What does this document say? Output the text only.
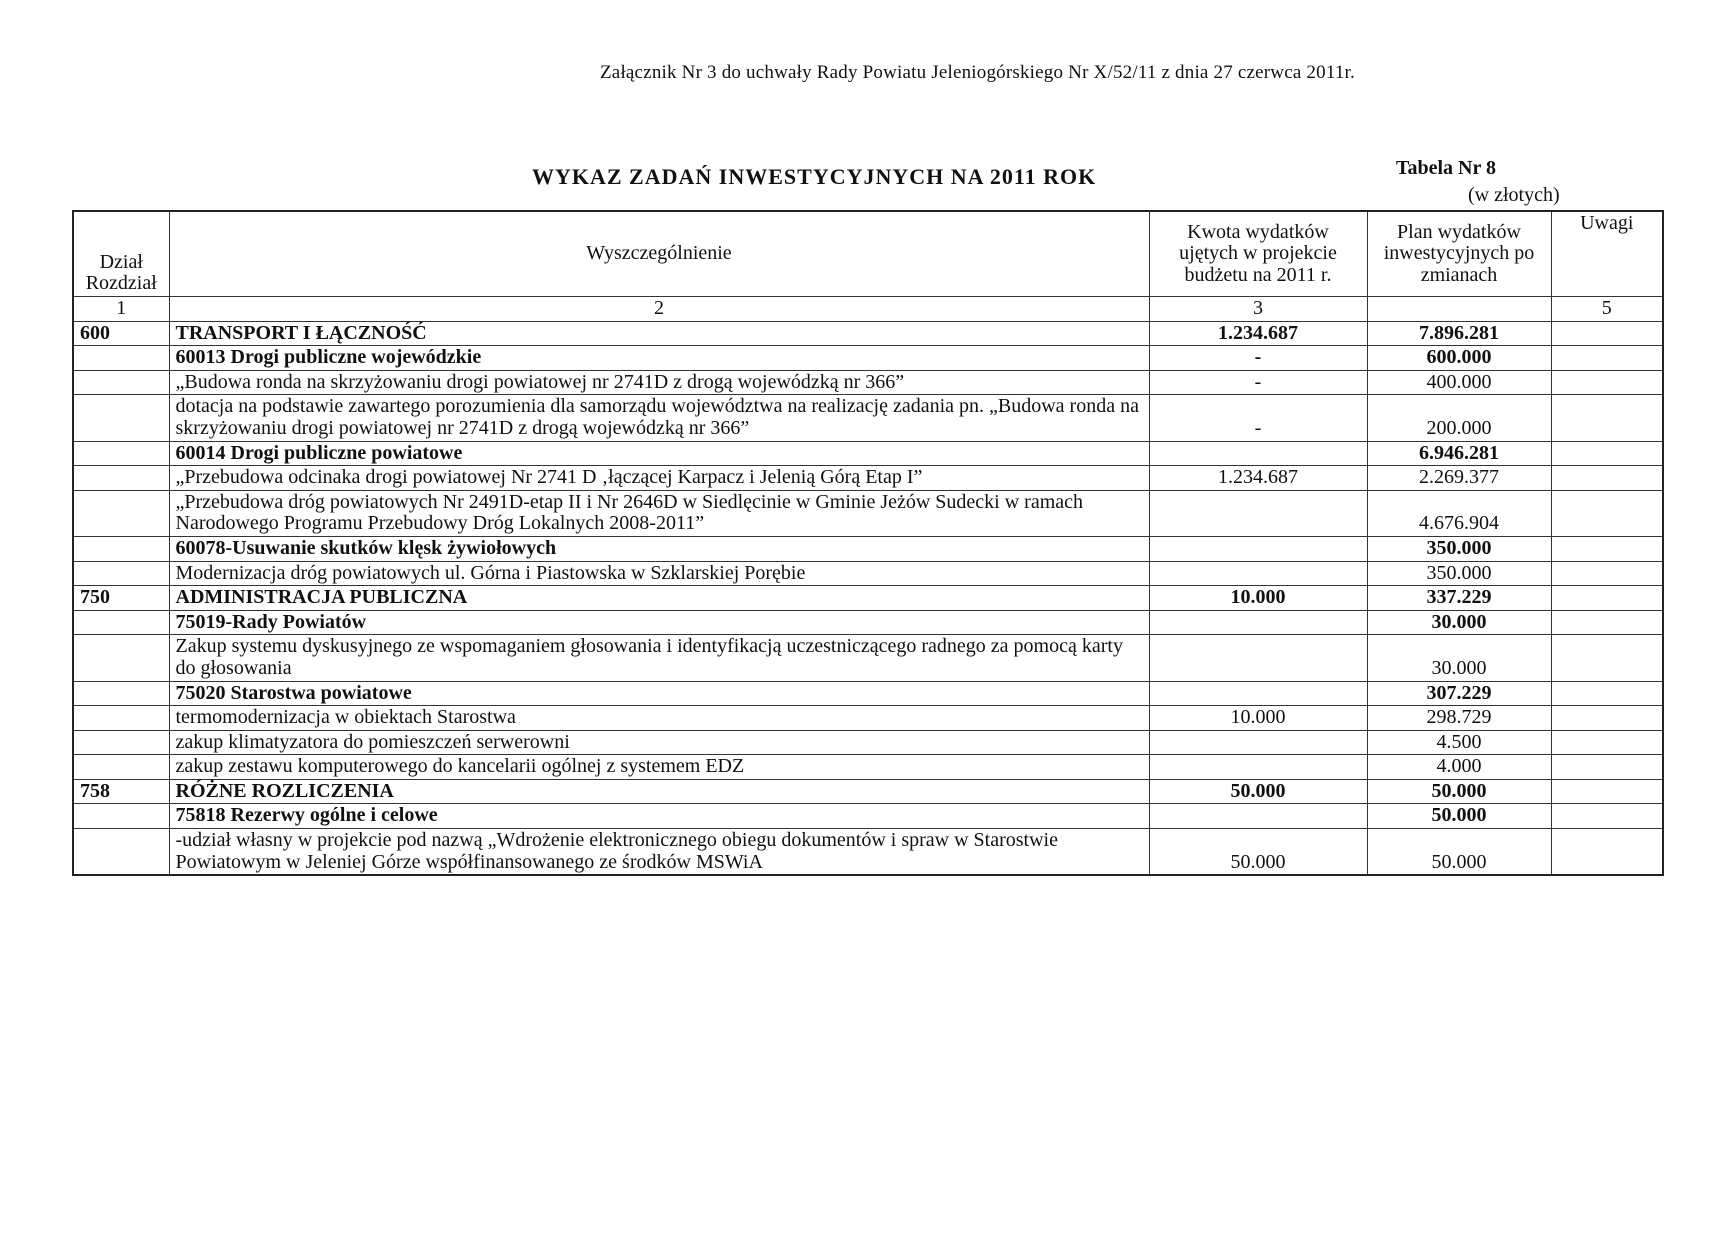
Załącznik Nr 3 do uchwały Rady Powiatu Jeleniogórskiego Nr X/52/11 z dnia 27 czerwca 2011r.
WYKAZ ZADAŃ INWESTYCYJNYCH NA 2011 ROK	Tabela Nr 8
(w złotych)
Dział Rozdział	Wyszczególnienie	Kwota wydatków ujętych w projekcie budżetu na 2011 r.	Plan wydatków inwestycyjnych po zmianach	Uwagi
1	2	3		5
600	TRANSPORT I ŁĄCZNOŚĆ	1.234.687	7.896.281	
	60013 Drogi publiczne wojewódzkie	-	600.000	
	„Budowa ronda na skrzyżowaniu drogi powiatowej nr 2741D z drogą wojewódzką nr 366”	-	400.000	
	dotacja na podstawie zawartego porozumienia dla samorządu województwa na realizację zadania pn. „Budowa ronda na skrzyżowaniu drogi powiatowej nr 2741D z drogą wojewódzką nr 366”	-	200.000	
	60014 Drogi publiczne powiatowe		6.946.281	
	„Przebudowa odcinaka drogi powiatowej Nr 2741 D ‚łączącej Karpacz i Jelenią Górą Etap I”	1.234.687	2.269.377	
	„Przebudowa dróg powiatowych Nr 2491D-etap II i Nr 2646D w Siedlęcinie w Gminie Jeżów Sudecki w ramach Narodowego Programu Przebudowy Dróg Lokalnych 2008-2011”		4.676.904	
	60078-Usuwanie skutków klęsk żywiołowych		350.000	
	Modernizacja dróg powiatowych ul. Górna i Piastowska w Szklarskiej Porębie		350.000	
750	ADMINISTRACJA PUBLICZNA	10.000	337.229	
	75019-Rady Powiatów		30.000	
	Zakup systemu dyskusyjnego ze wspomaganiem głosowania i identyfikacją uczestniczącego radnego za pomocą karty do głosowania		30.000	
	75020 Starostwa powiatowe		307.229	
	termomodernizacja w obiektach Starostwa	10.000	298.729	
	zakup klimatyzatora do pomieszczeń serwerowni		4.500	
	zakup zestawu komputerowego do kancelarii ogólnej z systemem EDZ		4.000	
758	RÓŻNE ROZLICZENIA	50.000	50.000	
	75818 Rezerwy ogólne i celowe		50.000	
	-udział własny w projekcie pod nazwą „Wdrożenie elektronicznego obiegu dokumentów i spraw w Starostwie Powiatowym w Jeleniej Górze współfinansowanego ze środków MSWiA	50.000	50.000	
